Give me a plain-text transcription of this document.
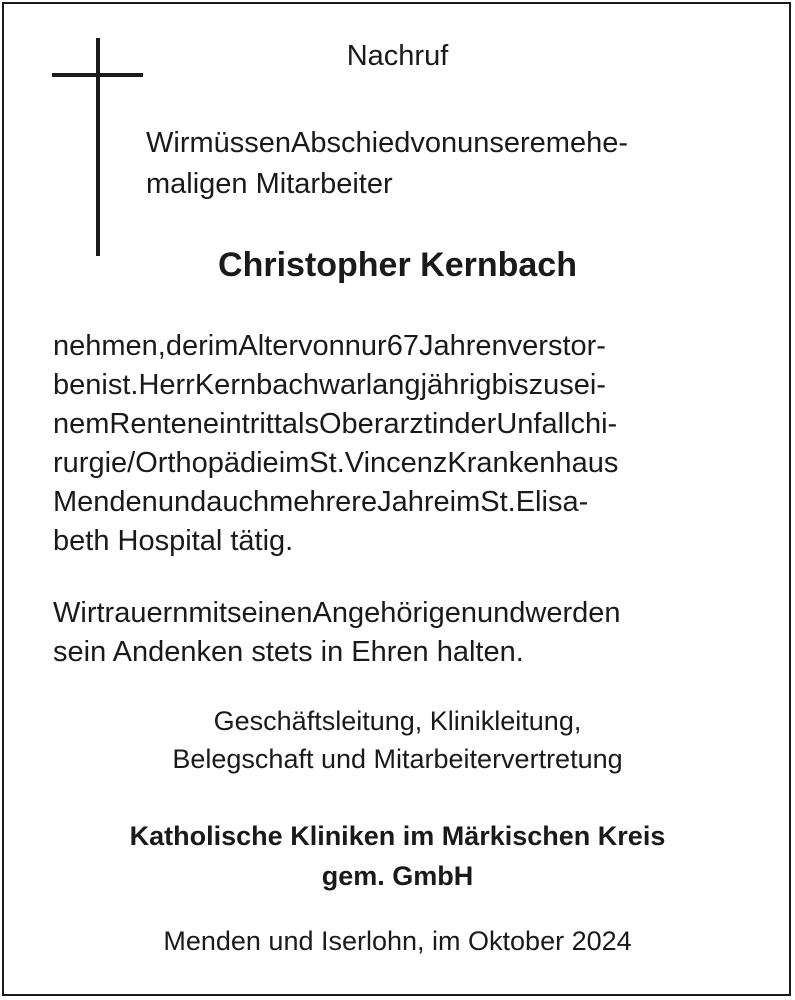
Nachruf
WirmüssenAbschiedvonunseremehe-
maligen Mitarbeiter
Christopher Kernbach
nehmen,derimAltervonnur67Jahrenverstor-
benist.HerrKernbachwarlangjährigbiszusei-
nemRenteneintrittalsOberarztinderUnfallchi-
rurgie/OrthopädieimSt.VincenzKrankenhaus
MendenundauchmehrereJahreimSt.Elisa-
beth Hospital tätig.
WirtrauernmitseinenAngehörigenundwerden
sein Andenken stets in Ehren halten.
Geschäftsleitung, Klinikleitung,
Belegschaft und Mitarbeitervertretung
Katholische Kliniken im Märkischen Kreis
gem. GmbH
Menden und Iserlohn, im Oktober 2024
